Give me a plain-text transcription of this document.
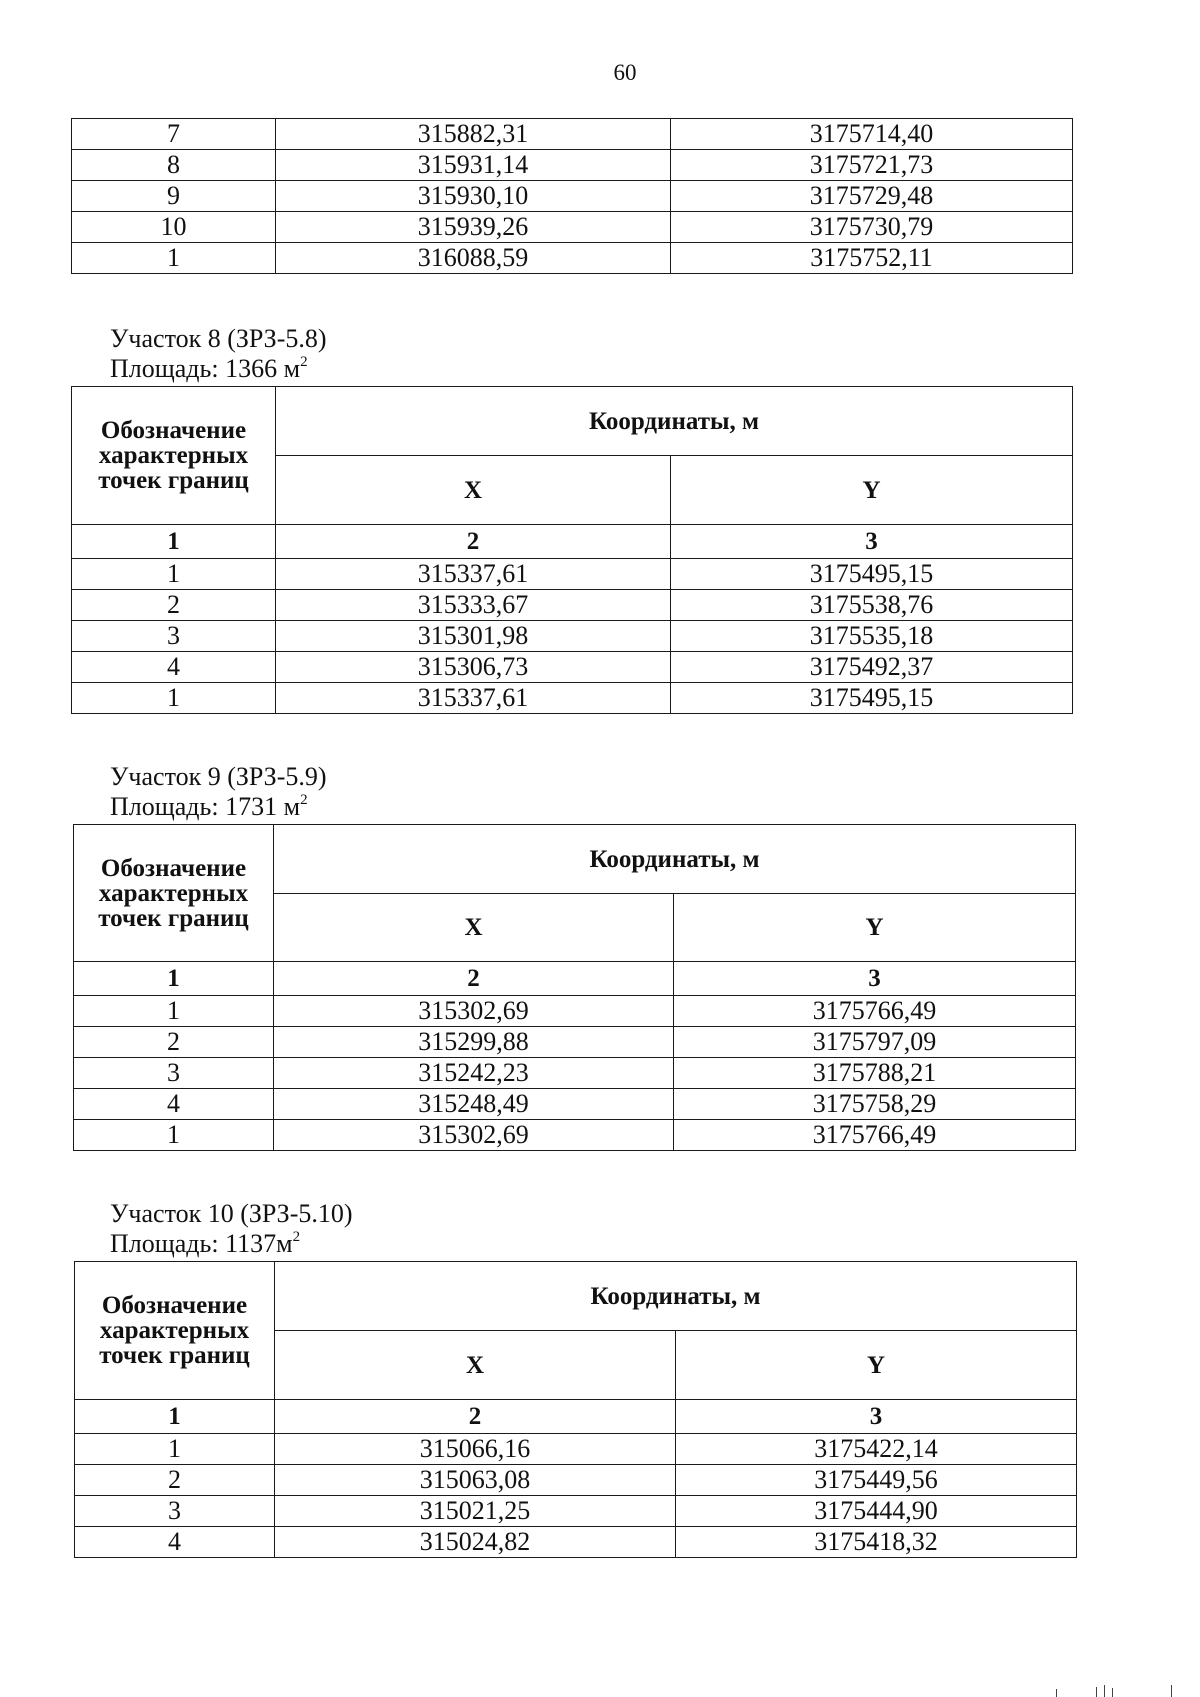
60
7	315882,31	3175714,40
8	315931,14	3175721,73
9	315930,10	3175729,48
10	315939,26	3175730,79
1	316088,59	3175752,11
Участок 8 (ЗРЗ-5.8)
Площадь: 1366 $м^2$
Обозначение характерных точек границ	Координаты, м	
	X	Y
1	2	3
1	315337,61	3175495,15
2	315333,67	3175538,76
3	315301,98	3175535,18
4	315306,73	3175492,37
1	315337,61	3175495,15
Участок 9 (ЗРЗ-5.9)
Площадь: 1731 $м^2$
Обозначение характерных точек границ	Координаты, м	
	X	Y
1	2	3
1	315302,69	3175766,49
2	315299,88	3175797,09
3	315242,23	3175788,21
4	315248,49	3175758,29
1	315302,69	3175766,49
Участок 10 (ЗРЗ-5.10)
Площадь: $1137м^2$
Обозначение характерных точек границ	Координаты, м	
	X	Y
1	2	3
1	315066,16	3175422,14
2	315063,08	3175449,56
3	315021,25	3175444,90
4	315024,82	3175418,32
